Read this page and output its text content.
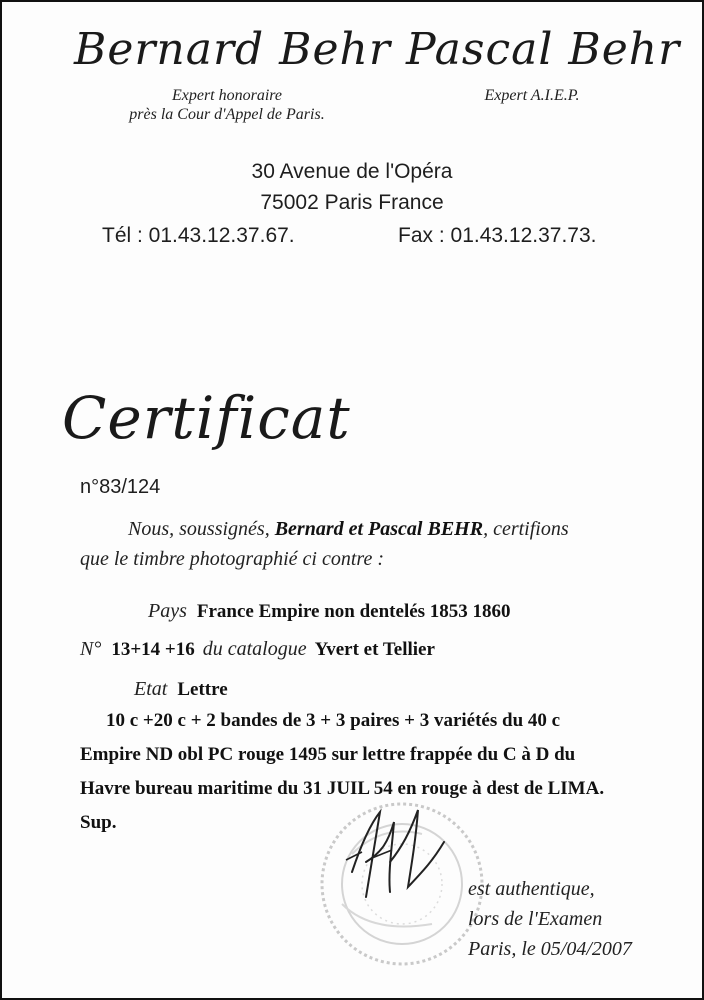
Bernard Behr Pascal Behr
Expert honoraire
près la Cour d'Appel de Paris.
Expert A.I.E.P.
30 Avenue de l'Opéra
75002 Paris France
Tél : 01.43.12.37.67.	Fax : 01.43.12.37.73.
Certificat
n°83/124
Nous, soussignés, Bernard et Pascal BEHR, certifions
que le timbre photographié ci contre :
Pays France Empire non dentelés 1853 1860
N° 13+14 +16 du catalogue Yvert et Tellier
Etat Lettre
10 c +20 c + 2 bandes de 3 + 3 paires + 3 variétés du 40 c
Empire ND obl PC rouge 1495 sur lettre frappée du C à D du
Havre bureau maritime du 31 JUIL 54 en rouge à dest de LIMA.
Sup.
est authentique,
lors de l'Examen
Paris, le 05/04/2007
